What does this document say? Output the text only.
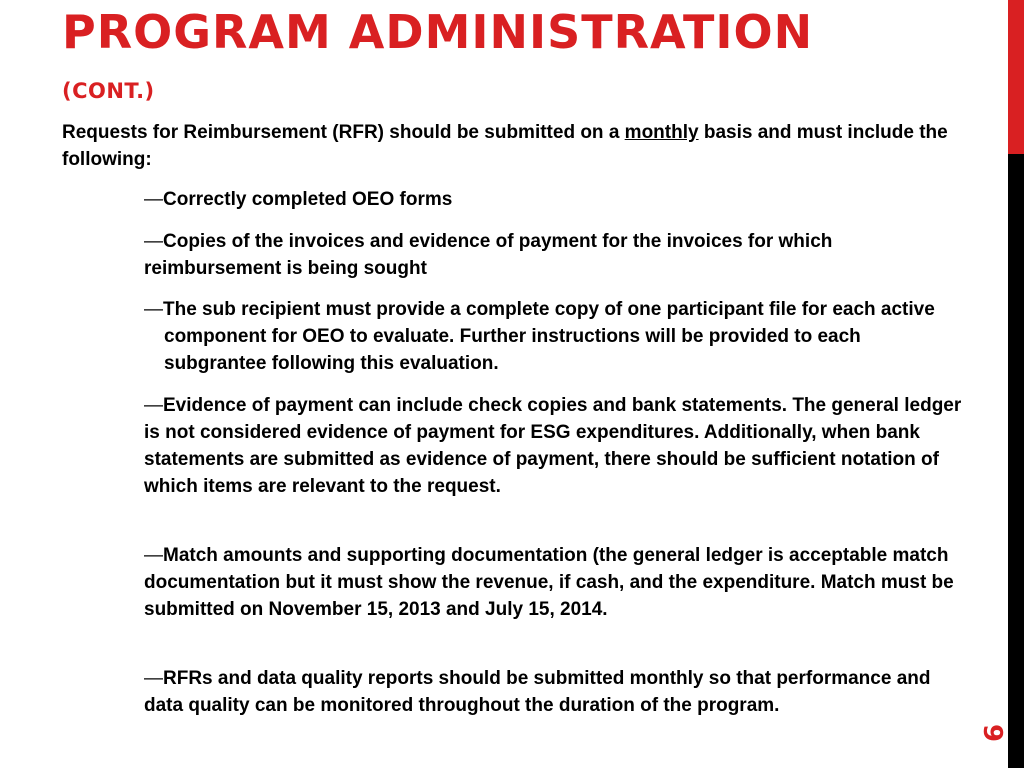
PROGRAM ADMINISTRATION
(CONT.)
9
Requests for Reimbursement (RFR) should be submitted on a monthly basis and must include the following:
—Correctly completed OEO forms
—Copies of the invoices and evidence of payment for the invoices for which reimbursement is being sought
—The sub recipient must provide a complete copy of one participant file for each active component for OEO to evaluate. Further instructions will be provided to each subgrantee following this evaluation.
—Evidence of payment can include check copies and bank statements. The general ledger is not considered evidence of payment for ESG expenditures. Additionally, when bank statements are submitted as evidence of payment, there should be sufficient notation of which items are relevant to the request.
—Match amounts and supporting documentation (the general ledger is acceptable match documentation but it must show the revenue, if cash, and the expenditure. Match must be submitted on November 15, 2013 and July 15, 2014.
—RFRs and data quality reports should be submitted monthly so that performance and data quality can be monitored throughout the duration of the program.
